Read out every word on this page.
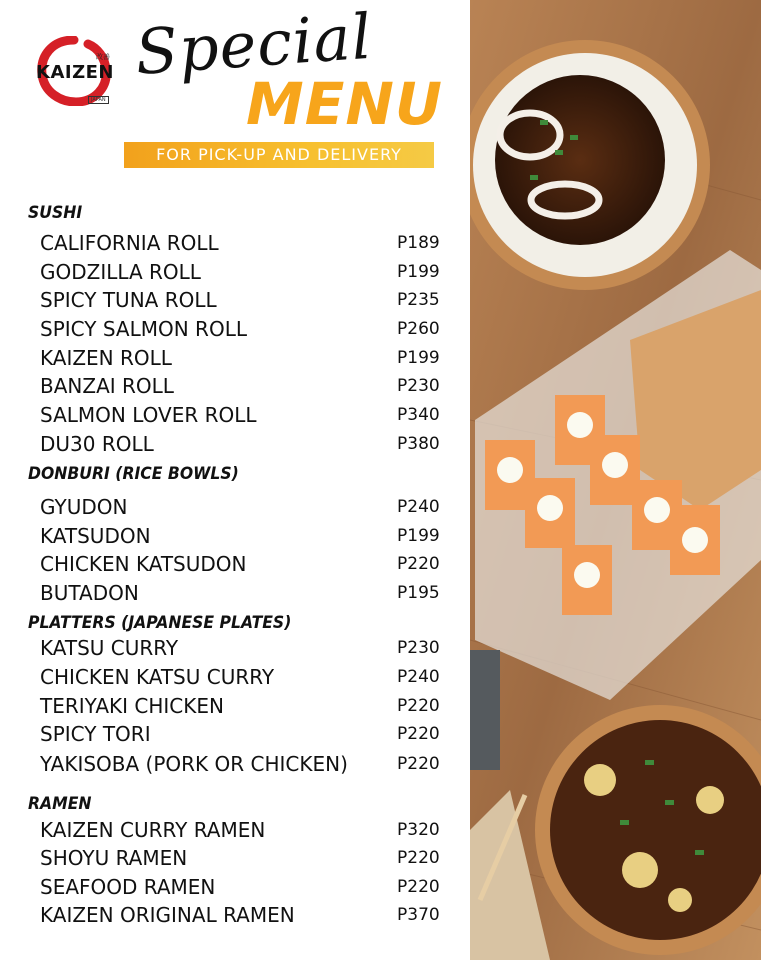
改善
KAIZEN
JAPAN
Special
MENU
FOR PICK-UP AND DELIVERY
SUSHI
CALIFORNIA ROLL	P189
GODZILLA ROLL	P199
SPICY TUNA ROLL	P235
SPICY SALMON ROLL	P260
KAIZEN ROLL	P199
BANZAI ROLL	P230
SALMON LOVER ROLL	P340
DU30 ROLL	P380
DONBURI (RICE BOWLS)
GYUDON	P240
KATSUDON	P199
CHICKEN KATSUDON	P220
BUTADON	P195
PLATTERS (JAPANESE PLATES)
KATSU CURRY	P230
CHICKEN KATSU CURRY	P240
TERIYAKI CHICKEN	P220
SPICY TORI	P220
YAKISOBA (PORK OR CHICKEN)	P220
RAMEN
KAIZEN CURRY RAMEN	P320
SHOYU RAMEN	P220
SEAFOOD RAMEN	P220
KAIZEN ORIGINAL RAMEN	P370
